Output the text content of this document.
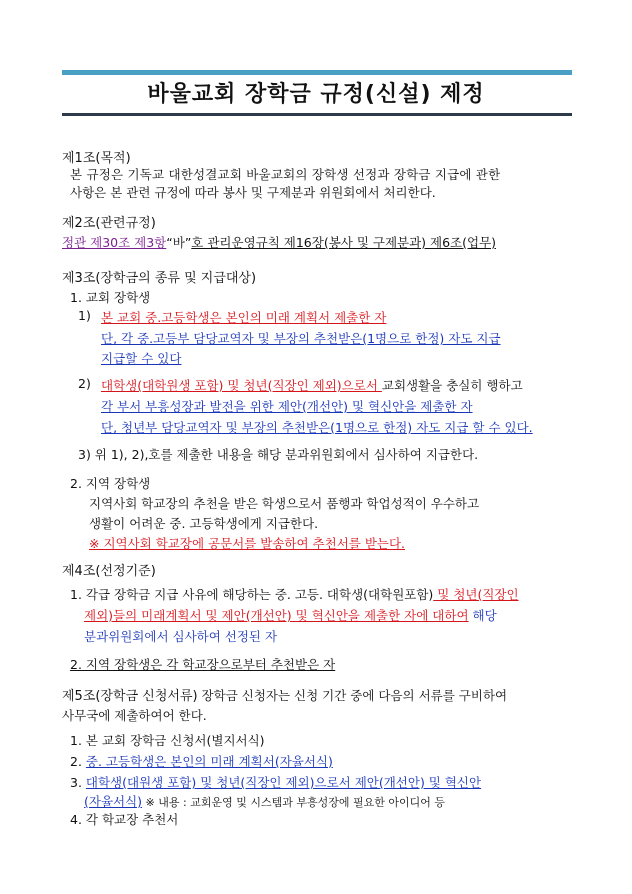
바울교회 장학금 규정(신설) 제정
제1조(목적)
본 규정은 기독교 대한성결교회 바울교회의 장학생 선정과 장학금 지급에 관한
사항은 본 관련 규정에 따라 봉사 및 구제분과 위원회에서 처리한다.
제2조(관련규정)
정관 제30조 제3항“바”호 관리운영규칙 제16장(봉사 및 구제분과) 제6조(업무)
제3조(장학금의 종류 및 지급대상)
1. 교회 장학생
1) 본 교회 중.고등학생은 본인의 미래 계획서 제출한 자
단, 각 중.고등부 담당교역자 및 부장의 추천받은(1명으로 한정) 자도 지급
지급할 수 있다
2) 대학생(대학원생 포함) 및 청년(직장인 제외)으로서 교회생활을 충실히 행하고
각 부서 부흥성장과 발전을 위한 제안(개선안) 및 혁신안을 제출한 자
단, 청년부 담당교역자 및 부장의 추천받은(1명으로 한정) 자도 지급 할 수 있다.
3) 위 1), 2),호를 제출한 내용을 해당 분과위원회에서 심사하여 지급한다.
2. 지역 장학생
지역사회 학교장의 추천을 받은 학생으로서 품행과 학업성적이 우수하고
생활이 어려운 중. 고등학생에게 지급한다.
※ 지역사회 학교장에 공문서를 발송하여 추천서를 받는다.
제4조(선정기준)
1. 각급 장학금 지급 사유에 해당하는 중. 고등. 대학생(대학원포함) 및 청년(직장인
제외)들의 미래계획서 및 제안(개선안) 및 혁신안을 제출한 자에 대하여 해당
분과위원회에서 심사하여 선정된 자
2. 지역 장학생은 각 학교장으로부터 추천받은 자
제5조(장학금 신청서류) 장학금 신청자는 신청 기간 중에 다음의 서류를 구비하여
사무국에 제출하여어 한다.
1. 본 교회 장학금 신청서(별지서식)
2. 중. 고등학생은 본인의 미래 계획서(자율서식)
3. 대학생(대원생 포함) 및 청년(직장인 제외)으로서 제안(개선안) 및 혁신안
(자율서식) ※ 내용 : 교회운영 및 시스템과 부흥성장에 필요한 아이디어 등
4. 각 학교장 추천서
